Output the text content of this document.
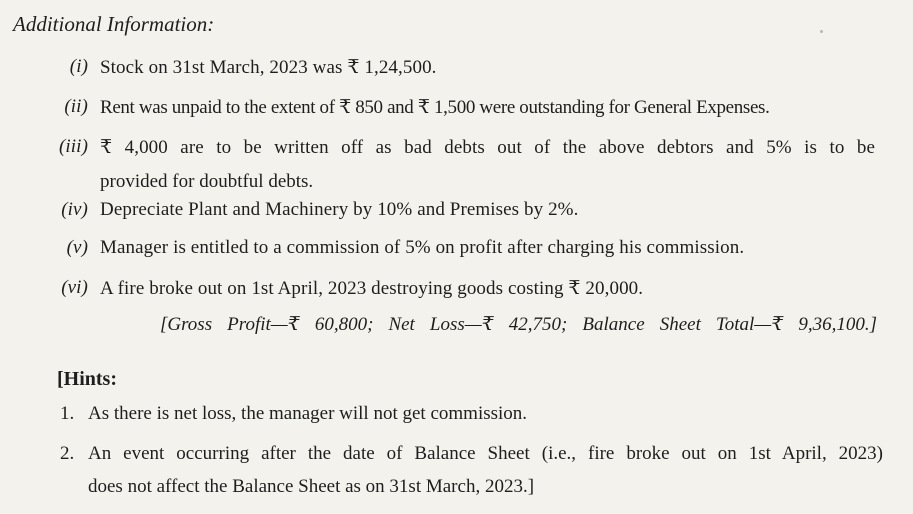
Additional Information:
(i) Stock on 31st March, 2023 was ₹ 1,24,500.
(ii) Rent was unpaid to the extent of ₹ 850 and ₹ 1,500 were outstanding for General Expenses.
(iii) ₹ 4,000 are to be written off as bad debts out of the above debtors and 5% is to be
provided for doubtful debts.
(iv) Depreciate Plant and Machinery by 10% and Premises by 2%.
(v) Manager is entitled to a commission of 5% on profit after charging his commission.
(vi) A fire broke out on 1st April, 2023 destroying goods costing ₹ 20,000.
[Gross Profit—₹ 60,800; Net Loss—₹ 42,750; Balance Sheet Total—₹ 9,36,100.]
[Hints:
1. As there is net loss, the manager will not get commission.
2. An event occurring after the date of Balance Sheet (i.e., fire broke out on 1st April, 2023)
does not affect the Balance Sheet as on 31st March, 2023.]
